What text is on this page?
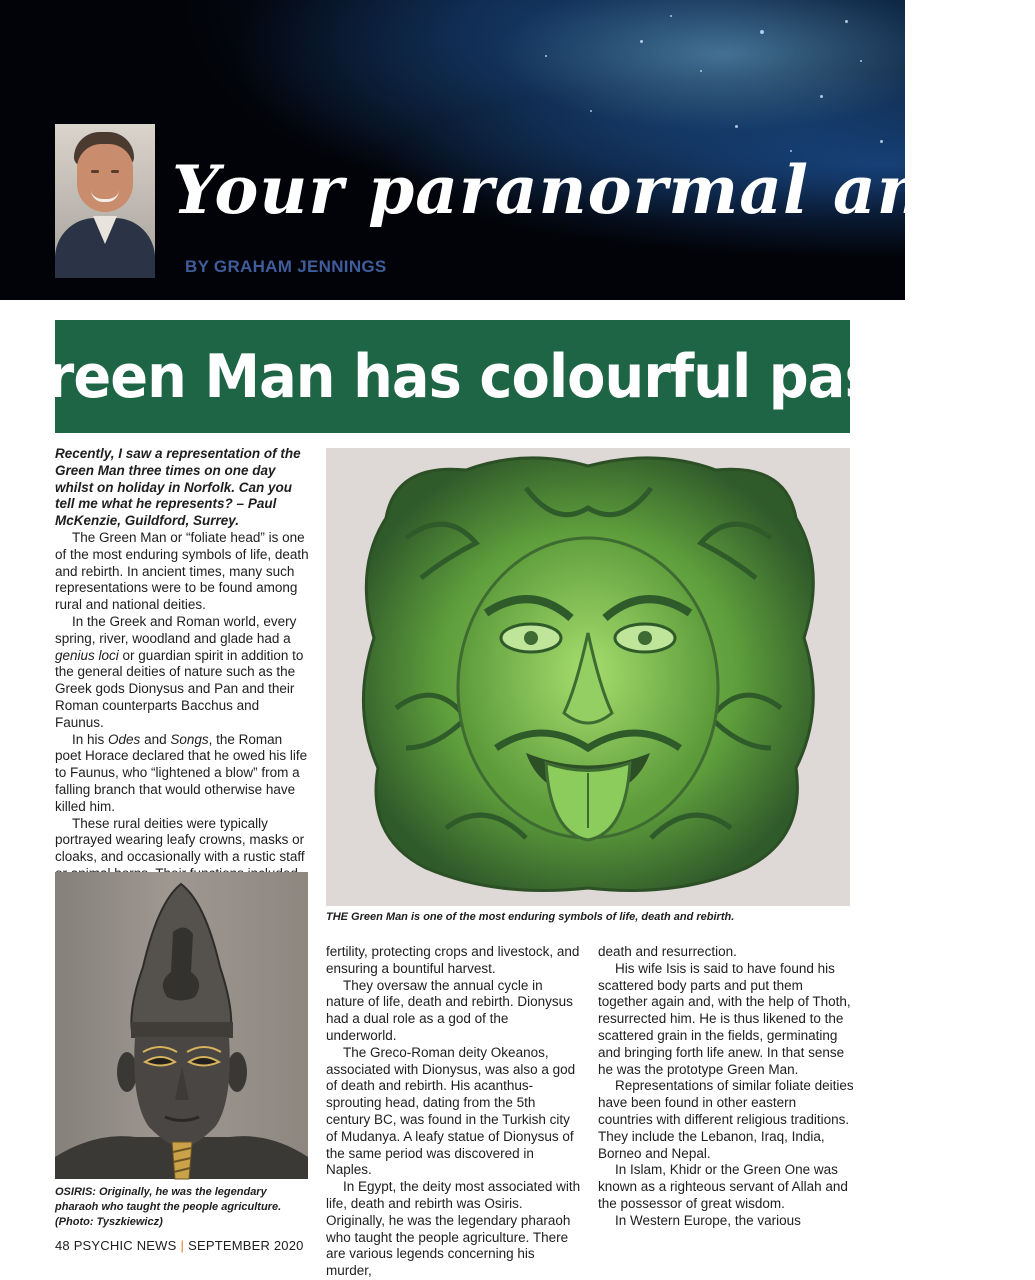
Your paranormal and s
BY GRAHAM JENNINGS
Green Man has colourful past

Recently, I saw a representation of the Green Man three times on one day whilst on holiday in Norfolk. Can you tell me what he represents? – Paul McKenzie, Guildford, Surrey.

The Green Man or “foliate head” is one of the most enduring symbols of life, death and rebirth. In ancient times, many such representations were to be found among rural and national deities.

In the Greek and Roman world, every spring, river, woodland and glade had a genius loci or guardian spirit in addition to the general deities of nature such as the Greek gods Dionysus and Pan and their Roman counterparts Bacchus and Faunus.

In his Odes and Songs, the Roman poet Horace declared that he owed his life to Faunus, who “lightened a blow” from a falling branch that would otherwise have killed him.

These rural deities were typically portrayed wearing leafy crowns, masks or cloaks, and occasionally with a rustic staff

THE Green Man is one of the most enduring symbols of life, death and rebirth.
OSIRIS: Originally, he was the legendary pharaoh who taught the people agriculture.
(Photo: Tyszkiewicz)

fertility, protecting crops and livestock, and ensuring a bountiful harvest.

They oversaw the annual cycle in nature of life, death and rebirth. Dionysus had a dual role as a god of the underworld.

The Greco-Roman deity Okeanos, associated with Dionysus, was also a god of death and rebirth. His acanthus-sprouting head, dating from the 5th century BC, was found in the Turkish city of Mudanya. A leafy statue of Dionysus of the same period was discovered in Naples.

In Egypt, the deity most associated with life, death and rebirth was Osiris. Originally, he was the legendary pharaoh who taught the people agriculture. There are various legends concerning his murder,

death and resurrection.

His wife Isis is said to have found his scattered body parts and put them together again and, with the help of Thoth, resurrected him. He is thus likened to the scattered grain in the fields, germinating and bringing forth life anew. In that sense he was the prototype Green Man.

Representations of similar foliate deities have been found in other eastern countries with different religious traditions. They include the Lebanon, Iraq, India, Borneo and Nepal.

In Islam, Khidr or the Green One was known as a righteous servant of Allah and the possessor of great wisdom.

In Western Europe, the various

48 PSYCHIC NEWS | SEPTEMBER 2020
